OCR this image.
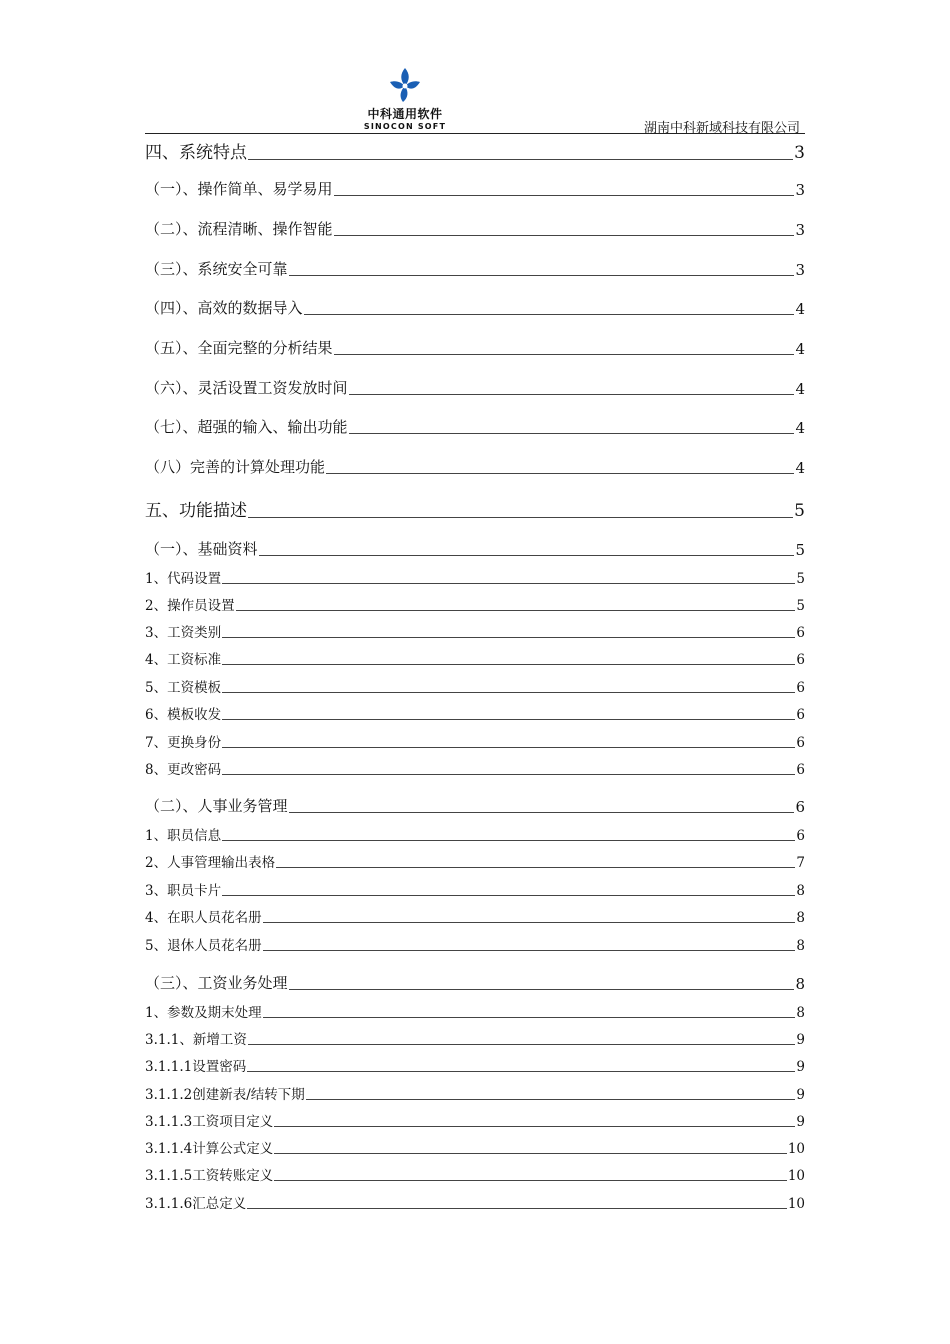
中科通用软件
SINOCON SOFT	湖南中科新域科技有限公司
四、系统特点	3
（一）、操作简单、易学易用	3
（二）、流程清晰、操作智能	3
（三）、系统安全可靠	3
（四）、高效的数据导入	4
（五）、全面完整的分析结果	4
（六）、灵活设置工资发放时间	4
（七）、超强的输入、输出功能	4
（八）完善的计算处理功能	4
五、功能描述	5
（一）、基础资料	5
1、代码设置	5
2、操作员设置	5
3、工资类别	6
4、工资标准	6
5、工资模板	6
6、模板收发	6
7、更换身份	6
8、更改密码	6
（二）、人事业务管理	6
1、职员信息	6
2、人事管理输出表格	7
3、职员卡片	8
4、在职人员花名册	8
5、退休人员花名册	8
（三）、工资业务处理	8
1、参数及期末处理	8
3.1.1、新增工资	9
3.1.1.1设置密码	9
3.1.1.2创建新表/结转下期	9
3.1.1.3工资项目定义	9
3.1.1.4计算公式定义	10
3.1.1.5工资转账定义	10
3.1.1.6汇总定义	10
